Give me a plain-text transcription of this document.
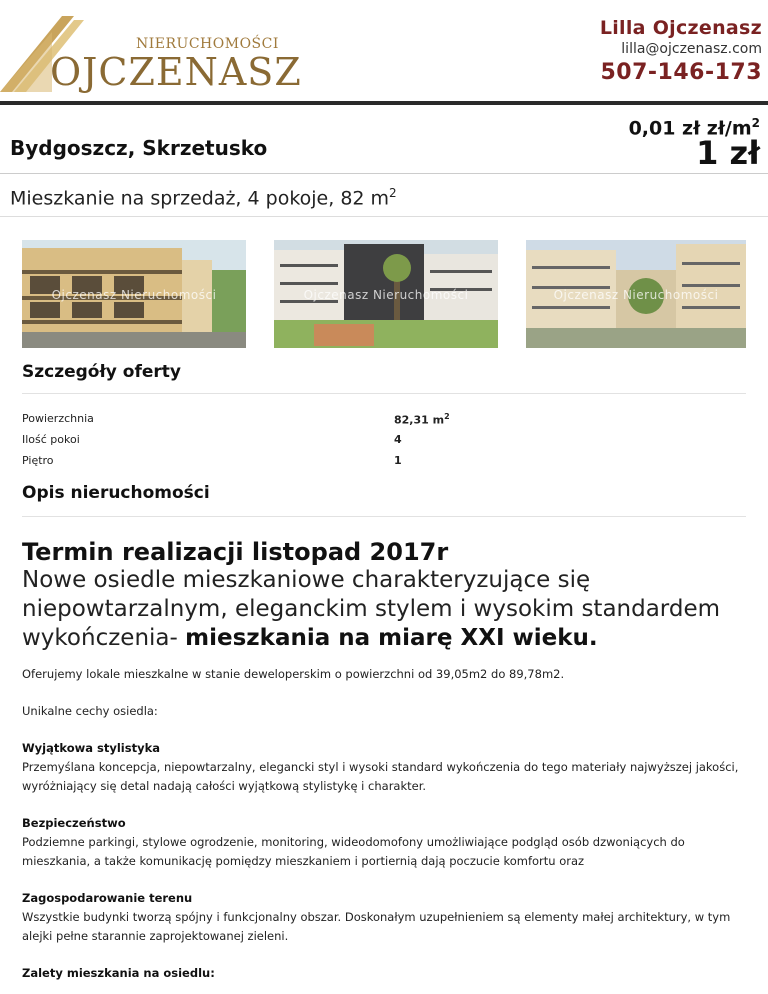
NIERUCHOMOŚCI
OJCZENASZ
Lilla Ojczenasz
lilla@ojczenasz.com
507-146-173
Bydgoszcz, Skrzetusko
0,01 zł $zł/m^2$
1 zł
Mieszkanie na sprzedaż, 4 pokoje, 82 $m^2$
Ojczenasz Nieruchomości	Ojczenasz Nieruchomości	Ojczenasz Nieruchomości
Szczegóły oferty
Powierzchnia	82,31 $m^2$
Ilość pokoi	4
Piętro	1
Opis nieruchomości
Termin realizacji listopad 2017r
Nowe osiedle mieszkaniowe charakteryzujące się niepowtarzalnym, eleganckim stylem i wysokim standardem wykończenia- mieszkania na miarę XXI wieku.
Oferujemy lokale mieszkalne w stanie deweloperskim o powierzchni od 39,05m2 do 89,78m2.
Unikalne cechy osiedla:
Wyjątkowa stylistyka
Przemyślana koncepcja, niepowtarzalny, elegancki styl i wysoki standard wykończenia do tego materiały najwyższej jakości, wyróżniający się detal nadają całości wyjątkową stylistykę i charakter.
Bezpieczeństwo
Podziemne parkingi, stylowe ogrodzenie, monitoring, wideodomofony umożliwiające podgląd osób dzwoniących do mieszkania, a także komunikację pomiędzy mieszkaniem i portiernią dają poczucie komfortu oraz
Zagospodarowanie terenu
Wszystkie budynki tworzą spójny i funkcjonalny obszar. Doskonałym uzupełnieniem są elementy małej architektury, w tym alejki pełne starannie zaprojektowanej zieleni.
Zalety mieszkania na osiedlu:
